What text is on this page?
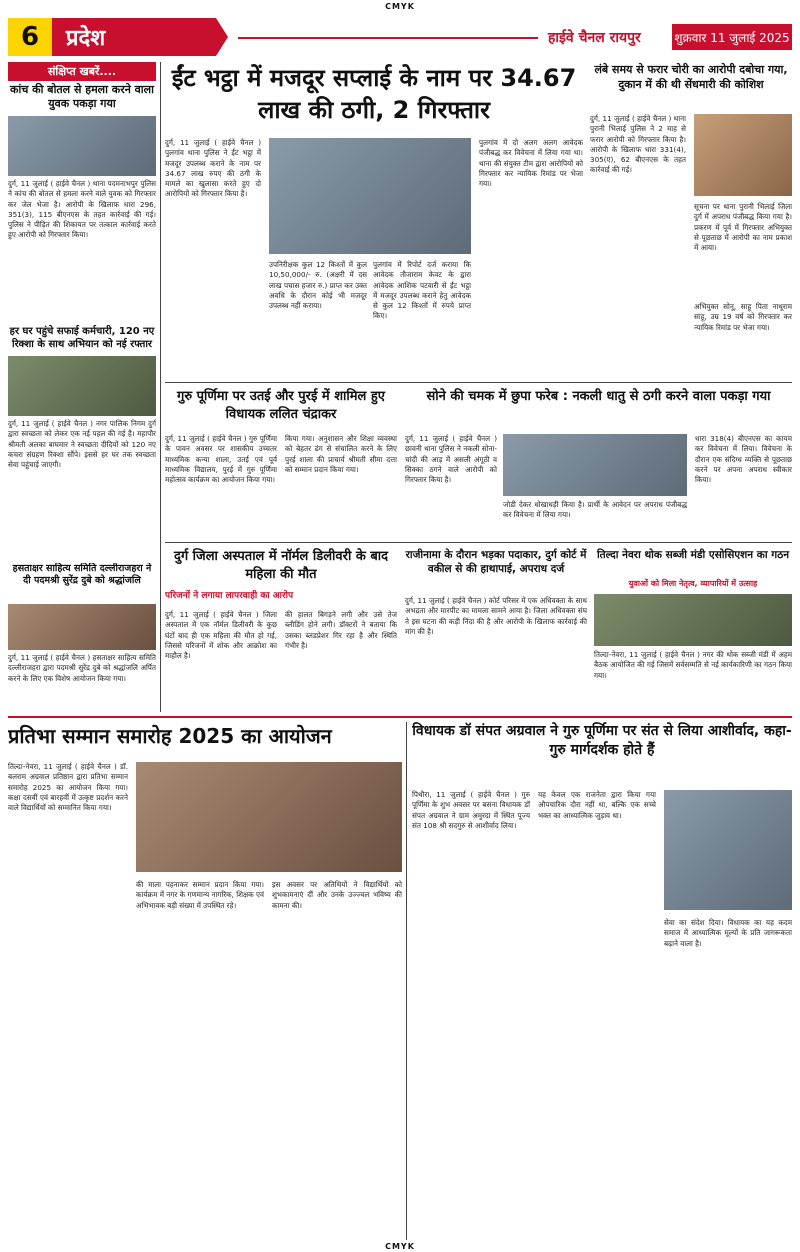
CMYK
6	प्रदेश	हाईवे चैनल रायपुर	शुक्रवार 11 जुलाई 2025
संक्षिप्त खबरें....
कांच की बोतल से हमला करने वाला युवक पकड़ा गया
दुर्ग, 11 जुलाई ( हाईवे चैनल ) थाना पदमनाभपुर पुलिस ने कांच की बोतल से हमला करने वाले युवक को गिरफ्तार कर जेल भेजा है। आरोपी के खिलाफ धारा 296, 351(3), 115 बीएनएस के तहत कार्रवाई की गई। पुलिस ने पीड़ित की शिकायत पर तत्काल कार्रवाई करते हुए आरोपी को गिरफ्तार किया।
हर घर पहुंचे सफाई कर्मचारी, 120 नए रिक्शा के साथ अभियान को नई रफ्तार
दुर्ग, 11 जुलाई ( हाईवे चैनल ) नगर पालिक निगम दुर्ग द्वारा स्वच्छता को लेकर एक नई पहल की गई है। महापौर श्रीमती अलका बाघमार ने स्वच्छता दीदियों को 120 नए कचरा संग्रहण रिक्शा सौंपे। इससे हर घर तक स्वच्छता सेवा पहुंचाई जाएगी।
हसताक्षर साहित्य समिति दल्लीराजहरा ने दी पदमश्री सुरेंद्र दुबे को श्रद्धांजलि
दुर्ग, 11 जुलाई ( हाईवे चैनल ) हसताक्षर साहित्य समिति दल्लीराजहरा द्वारा पदमश्री सुरेंद्र दुबे को श्रद्धांजलि अर्पित करने के लिए एक विशेष आयोजन किया गया।
ईंट भट्ठा में मजदूर सप्लाई के नाम पर 34.67 लाख की ठगी, 2 गिरफ्तार
दुर्ग, 11 जुलाई ( हाईवे चैनल ) पुलगांव थाना पुलिस ने ईंट भट्ठा में मजदूर उपलब्ध कराने के नाम पर 34.67 लाख रुपए की ठगी के मामले का खुलासा करते हुए दो आरोपियों को गिरफ्तार किया है।
उपनिरीक्षक कुल 12 किश्तों में कुल 10,50,000/- रु. (अक्षरी में दस लाख पचास हजार रु.) प्राप्त कर उक्त अवधि के दौरान कोई भी मजदूर उपलब्ध नहीं कराया।
पुलगांव में रिपोर्ट दर्ज कराया कि आवेदक तौजाराम केवट के द्वारा आवेदक आशिक पटवारी से ईंट भट्ठा में मजदूर उपलब्ध कराने हेतु आवेदक से कुल 12 किश्तों में रुपये प्राप्त किए।
पुलगांव में दो अलग अलग आवेदक पंजीबद्ध कर विवेचना में लिया गया था। थाना की संयुक्त टीम द्वारा आरोपियों को गिरफ्तार कर न्यायिक रिमांड पर भेजा गया।
लंबे समय से फरार चोरी का आरोपी दबोचा गया, दुकान में की थी सेंधमारी की कोशिश
दुर्ग, 11 जुलाई ( हाईवे चैनल ) थाना पुरानी भिलाई पुलिस ने 2 माह से फरार आरोपी को गिरफ्तार किया है। आरोपी के खिलाफ धारा 331(4), 305(ए), 62 बीएनएस के तहत कार्रवाई की गई।
सूचना पर थाना पुरानी भिलाई जिला दुर्ग में अपराध पंजीबद्ध किया गया है। प्रकरण में पूर्व में गिरफ्तार अभियुक्त से पूछताछ में आरोपी का नाम प्रकाश में आया।
अभियुक्त सोनू, साहू पिता नाथूराम साहू, उम्र 19 वर्ष को गिरफ्तार कर न्यायिक रिमांड पर भेजा गया।
गुरु पूर्णिमा पर उतई और पुरई में शामिल हुए विधायक ललित चंद्राकर
दुर्ग, 11 जुलाई ( हाईवे चैनल ) गुरु पूर्णिमा के पावन अवसर पर शासकीय उच्चतर माध्यमिक कन्या शाला, उतई एवं पूर्व माध्यमिक विद्यालय, पुरई में गुरु पूर्णिमा महोत्सव कार्यक्रम का आयोजन किया गया।
किया गया। अनुशासन और शिक्षा व्यवस्था को बेहतर ढंग से संचालित करने के लिए पुरई शाला की प्राचार्य श्रीमती सीमा दत्ता को सम्मान प्रदान किया गया।
सोने की चमक में छुपा फरेब : नकली धातु से ठगी करने वाला पकड़ा गया
दुर्ग, 11 जुलाई ( हाईवे चैनल ) छावनी थाना पुलिस ने नकली सोना-चांदी की आड़ में असली अंगूठी व सिक्का ठगने वाले आरोपी को गिरफ्तार किया है।
जोडी देकर धोखाधड़ी किया है। प्रार्थी के आवेदन पर अपराध पंजीबद्ध कर विवेचना में लिया गया।
धारा 318(4) बीएनएस का कायम कर विवेचना में लिया। विवेचना के दौरान एक संदिग्ध व्यक्ति से पूछताछ करने पर अपना अपराध स्वीकार किया।
दुर्ग जिला अस्पताल में नॉर्मल डिलीवरी के बाद महिला की मौत
परिजनों ने लगाया लापरवाही का आरोप
दुर्ग, 11 जुलाई ( हाईवे चैनल ) जिला अस्पताल में एक नॉर्मल डिलीवरी के कुछ घंटों बाद ही एक महिला की मौत हो गई, जिससे परिजनों में शोक और आक्रोश का माहौल है।
की हालत बिगड़ने लगी और उसे तेज ब्लीडिंग होने लगी। डॉक्टरों ने बताया कि उसका ब्लडप्रेशर गिर रहा है और स्थिति गंभीर है।
राजीनामा के दौरान भड़का पदाकार, दुर्ग कोर्ट में वकील से की हाथापाई, अपराध दर्ज
दुर्ग, 11 जुलाई ( हाईवे चैनल ) कोर्ट परिसर में एक अधिवक्ता के साथ अभद्रता और मारपीट का मामला सामने आया है। जिला अधिवक्ता संघ ने इस घटना की कड़ी निंदा की है और आरोपी के खिलाफ कार्रवाई की मांग की है।
तिल्दा नेवरा थोक सब्जी मंडी एसोसिएशन का गठन
युवाओं को मिला नेतृत्व, व्यापारियों में उत्साह
तिल्दा-नेवरा, 11 जुलाई ( हाईवे चैनल ) नगर की थोक सब्जी मंडी में अहम बैठक आयोजित की गई जिसमें सर्वसम्मति से नई कार्यकारिणी का गठन किया गया।
प्रतिभा सम्मान समारोह 2025 का आयोजन
तिल्दा-नेवरा, 11 जुलाई ( हाईवे चैनल ) डॉ. बलराम अग्रवाल प्रतिष्ठान द्वारा प्रतिभा सम्मान समारोह 2025 का आयोजन किया गया। कक्षा दसवीं एवं बारहवीं में उत्कृष्ट प्रदर्शन करने वाले विद्यार्थियों को सम्मानित किया गया।
की माला पहनाकर सम्मान प्रदान किया गया। कार्यक्रम में नगर के गणमान्य नागरिक, शिक्षक एवं अभिभावक बड़ी संख्या में उपस्थित रहे।
इस अवसर पर अतिथियों ने विद्यार्थियों को शुभकामनाएं दीं और उनके उज्ज्वल भविष्य की कामना की।
विधायक डॉ संपत अग्रवाल ने गुरु पूर्णिमा पर संत से लिया आशीर्वाद, कहा- गुरु मार्गदर्शक होते हैं
पिथौरा, 11 जुलाई ( हाईवे चैनल ) गुरु पूर्णिमा के शुभ अवसर पर बसना विधायक डॉ संपत अग्रवाल ने ग्राम अमुरदा में स्थित पूज्य संत 108 श्री सदगुरु से आशीर्वाद लिया।
यह केवल एक राजनेता द्वारा किया गया औपचारिक दौरा नहीं था, बल्कि एक सच्चे भक्त का आध्यात्मिक जुड़ाव था।
सेवा का संदेश दिया। विधायक का यह कदम समाज में आध्यात्मिक मूल्यों के प्रति जागरूकता बढ़ाने वाला है।
CMYK
